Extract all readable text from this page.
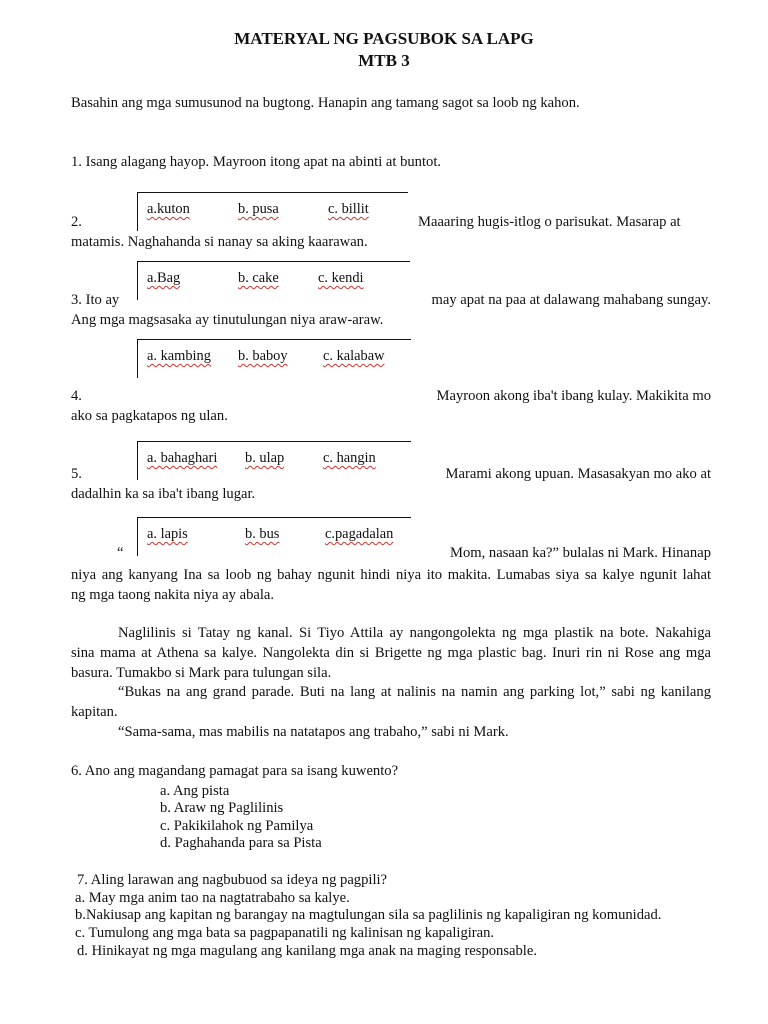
MATERYAL NG PAGSUBOK SA LAPG
MTB 3
Basahin ang mga sumusunod na bugtong. Hanapin ang tamang sagot sa loob ng kahon.
1. Isang alagang hayop. Mayroon itong apat na abinti at buntot.
a.kuton	b. pusa	c. billit
2.	Maaaring hugis-itlog o parisukat. Masarap at
matamis. Naghahanda si nanay sa aking kaarawan.
a.Bag	b. cake	c. kendi
3. Ito ay	may apat na paa at dalawang mahabang sungay.
Ang mga magsasaka ay tinutulungan niya araw-araw.
a. kambing b. baboy c. kalabaw
4.	Mayroon akong iba't ibang kulay. Makikita mo
ako sa pagkatapos ng ulan.
a. bahaghari b. ulap	c. hangin
5.	Marami akong upuan. Masasakyan mo ako at
dadalhin ka sa iba't ibang lugar.
a. lapis	b. bus	c.pagadalan
“	Mom, nasaan ka?” bulalas ni Mark. Hinanap
niya ang kanyang Ina sa loob ng bahay ngunit hindi niya ito makita. Lumabas siya sa kalye ngunit lahat
ng mga taong nakita niya ay abala.
Naglilinis si Tatay ng kanal. Si Tiyo Attila ay nangongolekta ng mga plastik na bote. Nakahiga
sina mama at Athena sa kalye. Nangolekta din si Brigette ng mga plastic bag. Inuri rin ni Rose ang mga
basura. Tumakbo si Mark para tulungan sila.
“Bukas na ang grand parade. Buti na lang at nalinis na namin ang parking lot,” sabi ng kanilang
kapitan.
“Sama-sama, mas mabilis na natatapos ang trabaho,” sabi ni Mark.
6. Ano ang magandang pamagat para sa isang kuwento?
a. Ang pista
b. Araw ng Paglilinis
c. Pakikilahok ng Pamilya
d. Paghahanda para sa Pista
7. Aling larawan ang nagbubuod sa ideya ng pagpili?
a. May mga anim tao na nagtatrabaho sa kalye.
b.Nakiusap ang kapitan ng barangay na magtulungan sila sa paglilinis ng kapaligiran ng komunidad.
c. Tumulong ang mga bata sa pagpapanatili ng kalinisan ng kapaligiran.
d. Hinikayat ng mga magulang ang kanilang mga anak na maging responsable.
